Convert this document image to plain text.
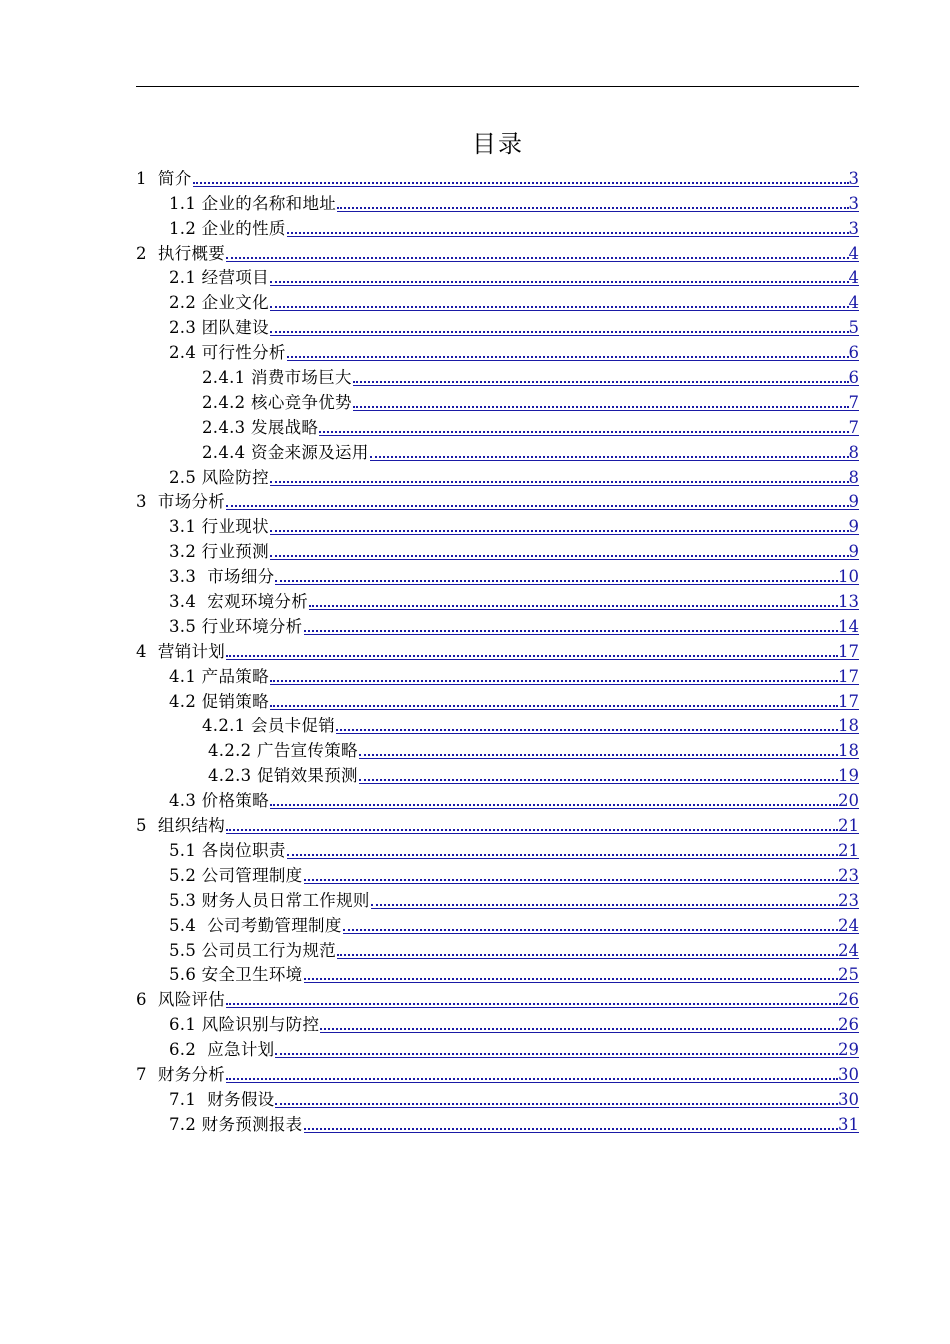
目录
1  简介	3
1.1 企业的名称和地址	3
1.2 企业的性质	3
2  执行概要	4
2.1 经营项目	4
2.2 企业文化	4
2.3 团队建设	5
2.4 可行性分析	6
2.4.1 消费市场巨大	6
2.4.2 核心竞争优势	7
2.4.3 发展战略	7
2.4.4 资金来源及运用	8
2.5 风险防控	8
3  市场分析	9
3.1 行业现状	9
3.2 行业预测	9
3.3  市场细分	10
3.4  宏观环境分析	13
3.5 行业环境分析	14
4  营销计划	17
4.1 产品策略	17
4.2 促销策略	17
4.2.1 会员卡促销	18
4.2.2 广告宣传策略	18
4.2.3 促销效果预测	19
4.3 价格策略	20
5  组织结构	21
5.1 各岗位职责	21
5.2 公司管理制度	23
5.3 财务人员日常工作规则	23
5.4  公司考勤管理制度	24
5.5 公司员工行为规范	24
5.6 安全卫生环境	25
6  风险评估	26
6.1 风险识别与防控	26
6.2  应急计划	29
7  财务分析	30
7.1  财务假设	30
7.2 财务预测报表	31
